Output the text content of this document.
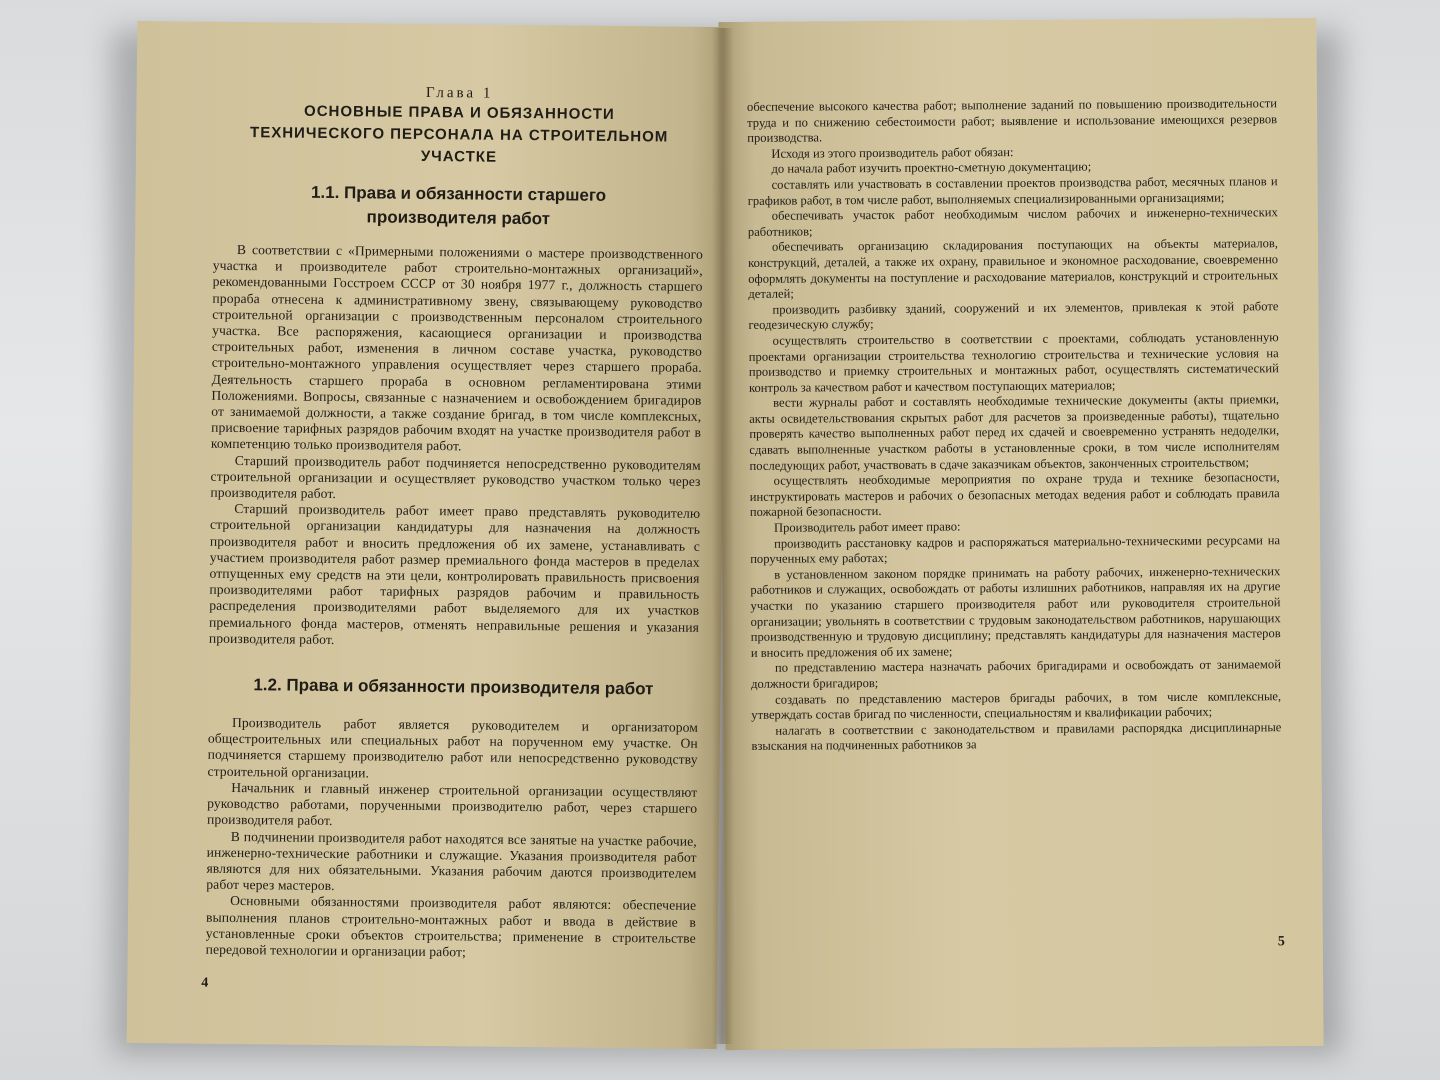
Глава 1
ОСНОВНЫЕ ПРАВА И ОБЯЗАННОСТИ
ТЕХНИЧЕСКОГО ПЕРСОНАЛА НА СТРОИТЕЛЬНОМ УЧАСТКЕ
1.1. Права и обязанности старшего
производителя работ

В соответствии с «Примерными положениями о мастере производственного участка и производителе работ строительно-монтажных организаций», рекомендованными Госстроем СССР от 30 ноября 1977 г., должность старшего прораба отнесена к административному звену, связывающему руководство строительной организации с производственным персоналом строительного участка. Все распоряжения, касающиеся организации и производства строительных работ, изменения в личном составе участка, руководство строительно-монтажного управления осуществляет через старшего прораба. Деятельность старшего прораба в основном регламентирована этими Положениями. Вопросы, связанные с назначением и освобождением бригадиров от занимаемой должности, а также создание бригад, в том числе комплексных, присвоение тарифных разрядов рабочим входят на участке производителя работ в компетенцию только производителя работ.

Старший производитель работ подчиняется непосредственно руководителям строительной организации и осуществляет руководство участком только через производителя работ.

Старший производитель работ имеет право представлять руководителю строительной организации кандидатуры для назначения на должность производителя работ и вносить предложения об их замене, устанавливать с участием производителя работ размер премиального фонда мастеров в пределах отпущенных ему средств на эти цели, контролировать правильность присвоения производителями работ тарифных разрядов рабочим и правильность распределения производителями работ выделяемого для их участков премиального фонда мастеров, отменять неправильные решения и указания производителя работ.

1.2. Права и обязанности производителя работ

Производитель работ является руководителем и организатором общестроительных или специальных работ на порученном ему участке. Он подчиняется старшему производителю работ или непосредственно руководству строительной организации.

Начальник и главный инженер строительной организации осуществляют руководство работами, порученными производителю работ, через старшего производителя работ.

В подчинении производителя работ находятся все занятые на участке рабочие, инженерно-технические работники и служащие. Указания производителя работ являются для них обязательными. Указания рабочим даются производителем работ через мастеров.

Основными обязанностями производителя работ являются: обеспечение выполнения планов строительно-монтажных работ и ввода в действие в установленные сроки объектов строительства; применение в строительстве передовой технологии и организации работ;

4

обеспечение высокого качества работ; выполнение заданий по повышению производительности труда и по снижению себестоимости работ; выявление и использование имеющихся резервов производства.

Исходя из этого производитель работ обязан:

до начала работ изучить проектно-сметную документацию;

составлять или участвовать в составлении проектов производства работ, месячных планов и графиков работ, в том числе работ, выполняемых специализированными организациями;

обеспечивать участок работ необходимым числом рабочих и инженерно-технических работников;

обеспечивать организацию складирования поступающих на объекты материалов, конструкций, деталей, а также их охрану, правильное и экономное расходование, своевременно оформлять документы на поступление и расходование материалов, конструкций и строительных деталей;

производить разбивку зданий, сооружений и их элементов, привлекая к этой работе геодезическую службу;

осуществлять строительство в соответствии с проектами, соблюдать установленную проектами организации строительства технологию строительства и технические условия на производство и приемку строительных и монтажных работ, осуществлять систематический контроль за качеством работ и качеством поступающих материалов;

вести журналы работ и составлять необходимые технические документы (акты приемки, акты освидетельствования скрытых работ для расчетов за произведенные работы), тщательно проверять качество выполненных работ перед их сдачей и своевременно устранять недоделки, сдавать выполненные участком работы в установленные сроки, в том числе исполнителям последующих работ, участвовать в сдаче заказчикам объектов, законченных строительством;

осуществлять необходимые мероприятия по охране труда и технике безопасности, инструктировать мастеров и рабочих о безопасных методах ведения работ и соблюдать правила пожарной безопасности.

Производитель работ имеет право:

производить расстановку кадров и распоряжаться материально-техническими ресурсами на порученных ему работах;

в установленном законом порядке принимать на работу рабочих, инженерно-технических работников и служащих, освобождать от работы излишних работников, направляя их на другие участки по указанию старшего производителя работ или руководителя строительной организации; увольнять в соответствии с трудовым законодательством работников, нарушающих производственную и трудовую дисциплину; представлять кандидатуры для назначения мастеров и вносить предложения об их замене;

по представлению мастера назначать рабочих бригадирами и освобождать от занимаемой должности бригадиров;

создавать по представлению мастеров бригады рабочих, в том числе комплексные, утверждать состав бригад по численности, специальностям и квалификации рабочих;

налагать в соответствии с законодательством и правилами распорядка дисциплинарные взыскания на подчиненных работников за

5
